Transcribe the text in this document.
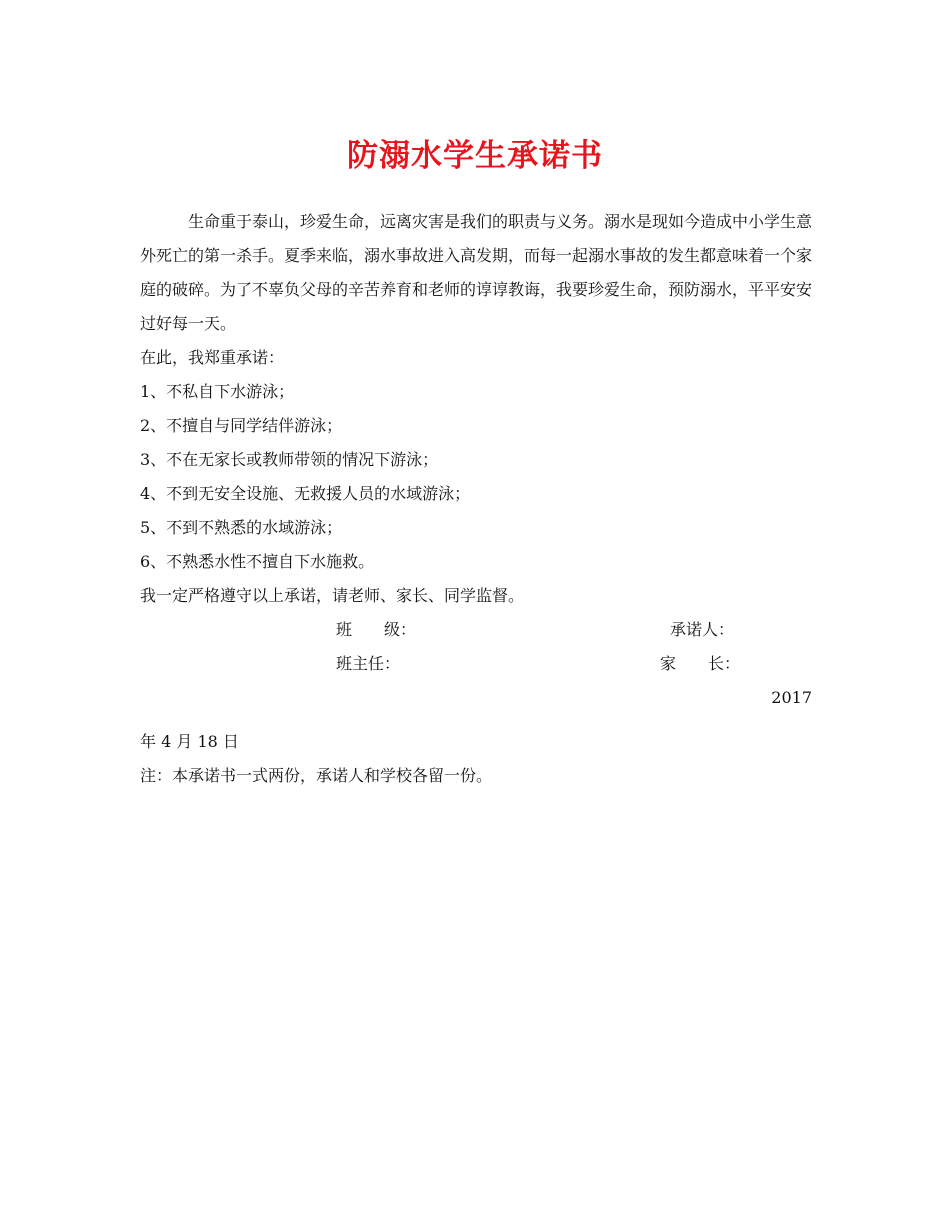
防溺水学生承诺书

生命重于泰山，珍爱生命，远离灾害是我们的职责与义务。溺水是现如今造成中小学生意外死亡的第一杀手。夏季来临，溺水事故进入高发期，而每一起溺水事故的发生都意味着一个家庭的破碎。为了不辜负父母的辛苦养育和老师的谆谆教诲，我要珍爱生命，预防溺水，平平安安过好每一天。

在此，我郑重承诺：

1、不私自下水游泳；

2、不擅自与同学结伴游泳；

3、不在无家长或教师带领的情况下游泳；

4、不到无安全设施、无救援人员的水域游泳；

5、不到不熟悉的水域游泳；

6、不熟悉水性不擅自下水施救。

我一定严格遵守以上承诺，请老师、家长、同学监督。

班　　级：	承诺人：
班主任：	家　　长：

2017

年 4 月 18 日

注：本承诺书一式两份，承诺人和学校各留一份。
